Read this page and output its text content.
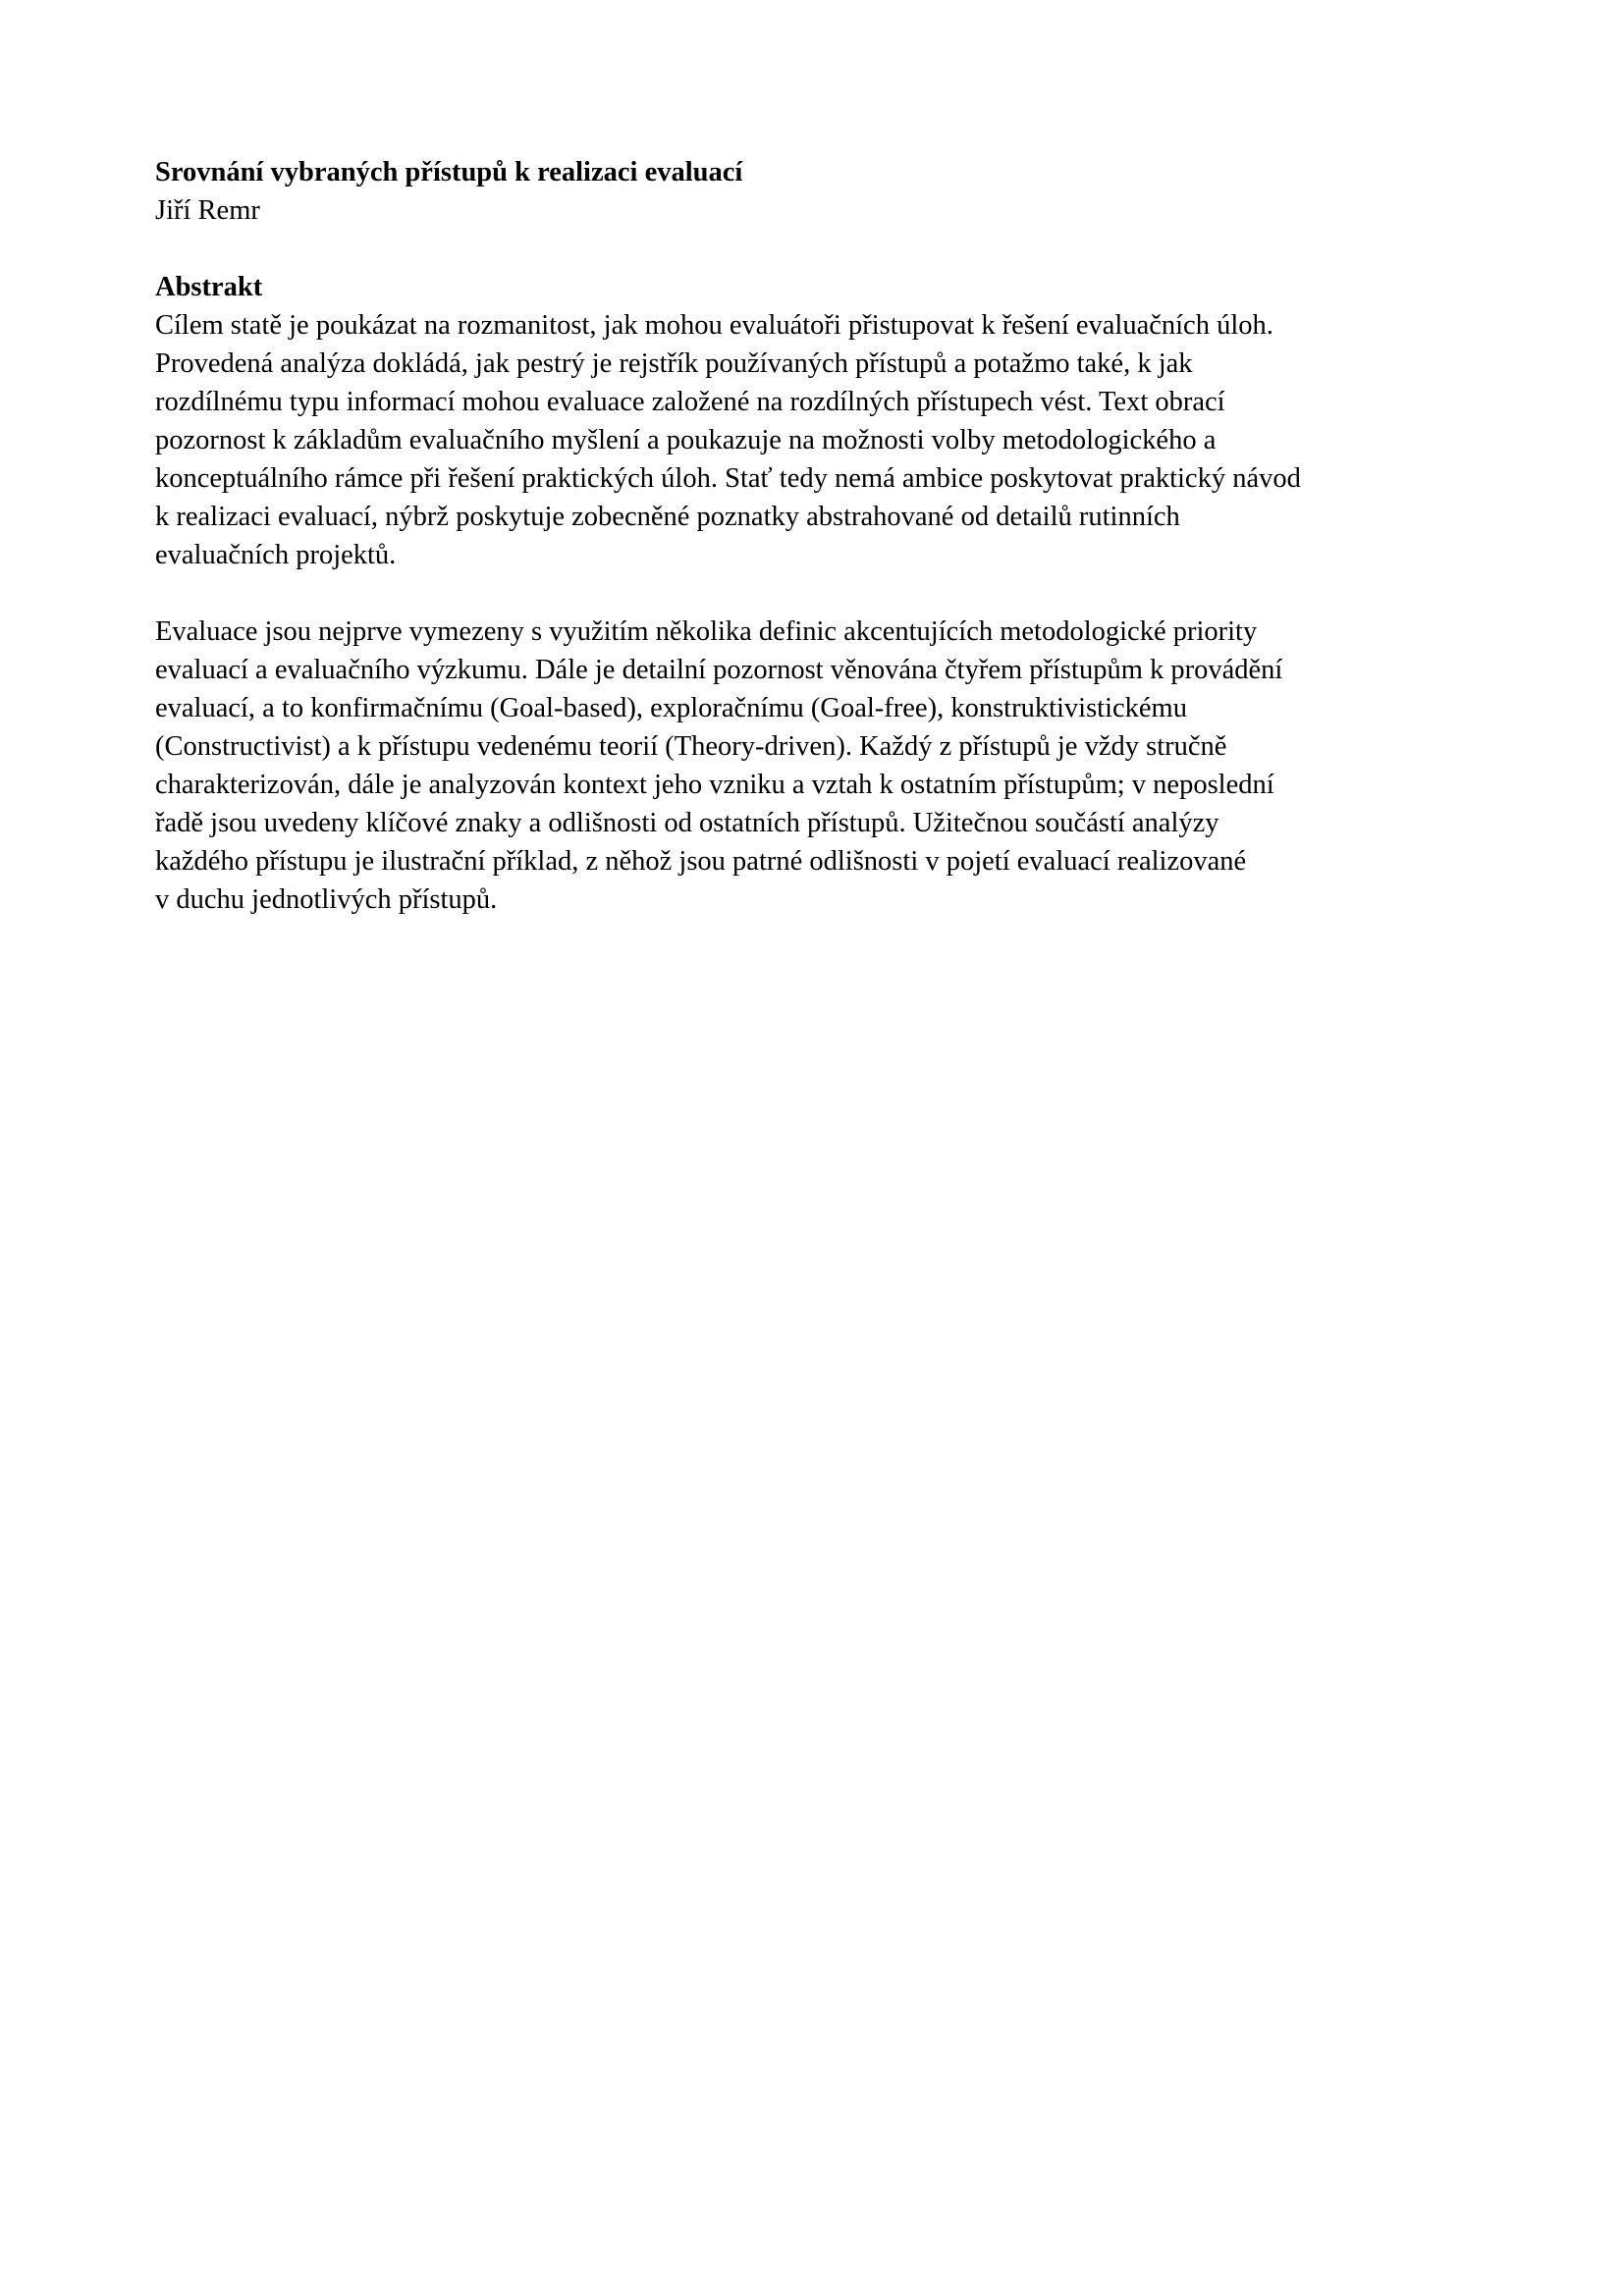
Srovnání vybraných přístupů k realizaci evaluací
Jiří Remr
Abstrakt
Cílem statě je poukázat na rozmanitost, jak mohou evaluátoři přistupovat k řešení evaluačních úloh.
Provedená analýza dokládá, jak pestrý je rejstřík používaných přístupů a potažmo také, k jak
rozdílnému typu informací mohou evaluace založené na rozdílných přístupech vést. Text obrací
pozornost k základům evaluačního myšlení a poukazuje na možnosti volby metodologického a
konceptuálního rámce při řešení praktických úloh. Stať tedy nemá ambice poskytovat praktický návod
k realizaci evaluací, nýbrž poskytuje zobecněné poznatky abstrahované od detailů rutinních
evaluačních projektů.
Evaluace jsou nejprve vymezeny s využitím několika definic akcentujících metodologické priority
evaluací a evaluačního výzkumu. Dále je detailní pozornost věnována čtyřem přístupům k provádění
evaluací, a to konfirmačnímu (Goal-based), exploračnímu (Goal-free), konstruktivistickému
(Constructivist) a k přístupu vedenému teorií (Theory-driven). Každý z přístupů je vždy stručně
charakterizován, dále je analyzován kontext jeho vzniku a vztah k ostatním přístupům; v neposlední
řadě jsou uvedeny klíčové znaky a odlišnosti od ostatních přístupů. Užitečnou součástí analýzy
každého přístupu je ilustrační příklad, z něhož jsou patrné odlišnosti v pojetí evaluací realizované
v duchu jednotlivých přístupů.
